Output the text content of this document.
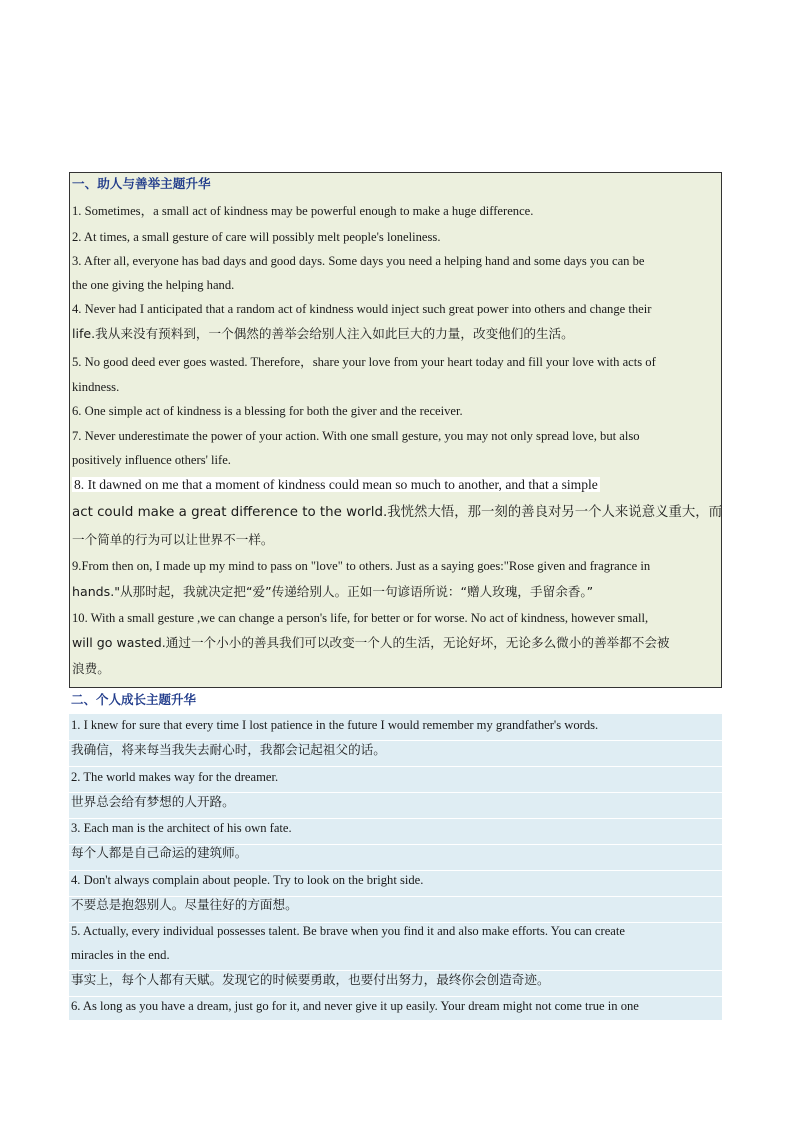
一、助人与善举主题升华
1. Sometimes，a small act of kindness may be powerful enough to make a huge difference.
2. At times, a small gesture of care will possibly melt people's loneliness.
3. After all, everyone has bad days and good days. Some days you need a helping hand and some days you can be
the one giving the helping hand.
4. Never had I anticipated that a random act of kindness would inject such great power into others and change their
life.我从来没有预料到，一个偶然的善举会给别人注入如此巨大的力量，改变他们的生活。
5. No good deed ever goes wasted. Therefore，share your love from your heart today and fill your love with acts of
kindness.
6. One simple act of kindness is a blessing for both the giver and the receiver.
7. Never underestimate the power of your action. With one small gesture, you may not only spread love, but also
positively influence others' life.
8. It dawned on me that a moment of kindness could mean so much to another, and that a simple
act could make a great difference to the world.我恍然大悟，那一刻的善良对另一个人来说意义重大，而
一个简单的行为可以让世界不一样。
9.From then on, I made up my mind to pass on "love" to others. Just as a saying goes:"Rose given and fragrance in
hands."从那时起，我就决定把“爱”传递给别人。正如一句谚语所说：“赠人玫瑰，手留余香。”
10. With a small gesture ,we can change a person's life, for better or for worse. No act of kindness, however small,
will go wasted.通过一个小小的善具我们可以改变一个人的生活，无论好坏，无论多么微小的善举都不会被
浪费。
二、个人成长主题升华
1. I knew for sure that every time I lost patience in the future I would remember my grandfather's words.
我确信，将来每当我失去耐心时，我都会记起祖父的话。
2. The world makes way for the dreamer.
世界总会给有梦想的人开路。
3. Each man is the architect of his own fate.
每个人都是自己命运的建筑师。
4. Don't always complain about people. Try to look on the bright side.
不要总是抱怨别人。尽量往好的方面想。
5. Actually, every individual possesses talent. Be brave when you find it and also make efforts. You can create
miracles in the end.
事实上，每个人都有天赋。发现它的时候要勇敢，也要付出努力，最终你会创造奇迹。
6. As long as you have a dream, just go for it, and never give it up easily. Your dream might not come true in one
